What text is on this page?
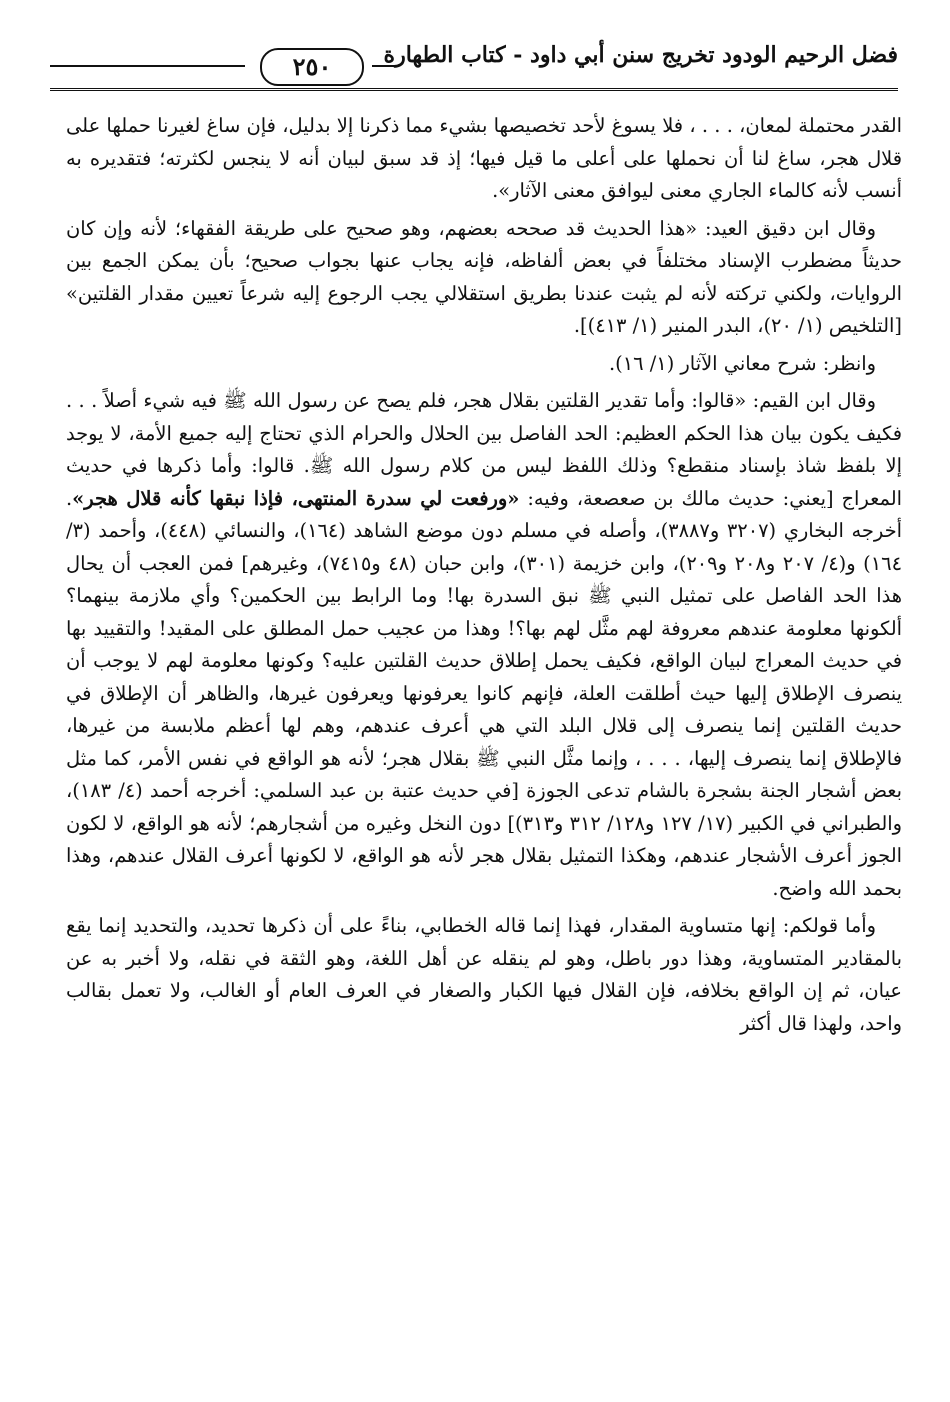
فضل الرحيم الودود تخريج سنن أبي داود - كتاب الطهارة
٢٥٠

القدر محتملة لمعان، . . . ، فلا يسوغ لأحد تخصيصها بشيء مما ذكرنا إلا بدليل، فإن ساغ لغيرنا حملها على قلال هجر، ساغ لنا أن نحملها على أعلى ما قيل فيها؛ إذ قد سبق لبيان أنه لا ينجس لكثرته؛ فتقديره به أنسب لأنه كالماء الجاري معنى ليوافق معنى الآثار».

وقال ابن دقيق العيد: «هذا الحديث قد صححه بعضهم، وهو صحيح على طريقة الفقهاء؛ لأنه وإن كان حديثاً مضطرب الإسناد مختلفاً في بعض ألفاظه، فإنه يجاب عنها بجواب صحيح؛ بأن يمكن الجمع بين الروايات، ولكني تركته لأنه لم يثبت عندنا بطريق استقلالي يجب الرجوع إليه شرعاً تعيين مقدار القلتين» [التلخيص (١/ ٢٠)، البدر المنير (١/ ٤١٣)].

وانظر: شرح معاني الآثار (١/ ١٦).

وقال ابن القيم: «قالوا: وأما تقدير القلتين بقلال هجر، فلم يصح عن رسول الله ﷺ فيه شيء أصلاً . . . فكيف يكون بيان هذا الحكم العظيم: الحد الفاصل بين الحلال والحرام الذي تحتاج إليه جميع الأمة، لا يوجد إلا بلفظ شاذ بإسناد منقطع؟ وذلك اللفظ ليس من كلام رسول الله ﷺ. قالوا: وأما ذكرها في حديث المعراج [يعني: حديث مالك بن صعصعة، وفيه: «ورفعت لي سدرة المنتهى، فإذا نبقها كأنه قلال هجر». أخرجه البخاري (٣٢٠٧ و٣٨٨٧)، وأصله في مسلم دون موضع الشاهد (١٦٤)، والنسائي (٤٤٨)، وأحمد (٣/ ١٦٤) و(٤/ ٢٠٧ و٢٠٨ و٢٠٩)، وابن خزيمة (٣٠١)، وابن حبان (٤٨ و٧٤١٥)، وغيرهم] فمن العجب أن يحال هذا الحد الفاصل على تمثيل النبي ﷺ نبق السدرة بها! وما الرابط بين الحكمين؟ وأي ملازمة بينهما؟ ألكونها معلومة عندهم معروفة لهم مثَّل لهم بها؟! وهذا من عجيب حمل المطلق على المقيد! والتقييد بها في حديث المعراج لبيان الواقع، فكيف يحمل إطلاق حديث القلتين عليه؟ وكونها معلومة لهم لا يوجب أن ينصرف الإطلاق إليها حيث أطلقت العلة، فإنهم كانوا يعرفونها ويعرفون غيرها، والظاهر أن الإطلاق في حديث القلتين إنما ينصرف إلى قلال البلد التي هي أعرف عندهم، وهم لها أعظم ملابسة من غيرها، فالإطلاق إنما ينصرف إليها، . . . ، وإنما مثَّل النبي ﷺ بقلال هجر؛ لأنه هو الواقع في نفس الأمر، كما مثل بعض أشجار الجنة بشجرة بالشام تدعى الجوزة [في حديث عتبة بن عبد السلمي: أخرجه أحمد (٤/ ١٨٣)، والطبراني في الكبير (١٧/ ١٢٧ و١٢٨/ ٣١٢ و٣١٣)] دون النخل وغيره من أشجارهم؛ لأنه هو الواقع، لا لكون الجوز أعرف الأشجار عندهم، وهكذا التمثيل بقلال هجر لأنه هو الواقع، لا لكونها أعرف القلال عندهم، وهذا بحمد الله واضح.

وأما قولكم: إنها متساوية المقدار، فهذا إنما قاله الخطابي، بناءً على أن ذكرها تحديد، والتحديد إنما يقع بالمقادير المتساوية، وهذا دور باطل، وهو لم ينقله عن أهل اللغة، وهو الثقة في نقله، ولا أخبر به عن عيان، ثم إن الواقع بخلافه، فإن القلال فيها الكبار والصغار في العرف العام أو الغالب، ولا تعمل بقالب واحد، ولهذا قال أكثر
